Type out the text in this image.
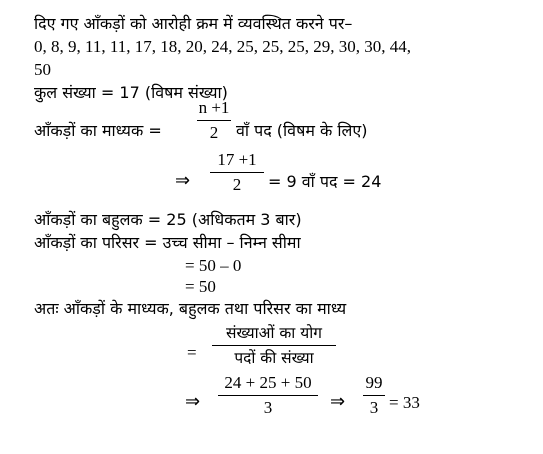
दिए गए आँकड़ों को आरोही क्रम में व्यवस्थित करने पर–
0, 8, 9, 11, 11, 17, 18, 20, 24, 25, 25, 25, 29, 30, 30, 44,
50
कुल संख्या = 17 (विषम संख्या)
आँकड़ों का माध्यक =
n +1
2	वाँ पद (विषम के लिए)
⇒
17 +1
2	= 9 वाँ पद = 24
आँकड़ों का बहुलक = 25 (अधिकतम 3 बार)
आँकड़ों का परिसर = उच्च सीमा – निम्न सीमा
= 50 – 0
= 50
अतः आँकड़ों के माध्यक, बहुलक तथा परिसर का माध्य
=
संख्याओं का योग
पदों की संख्या
⇒
24 + 25 + 50
3	⇒
99
3 = 33
